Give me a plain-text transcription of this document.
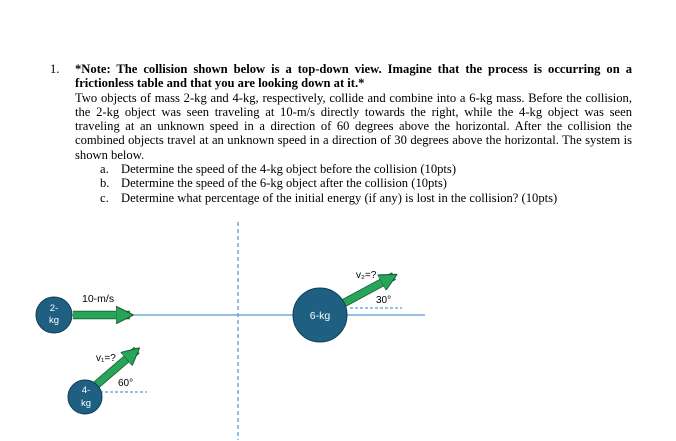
1. *Note: The collision shown below is a top-down view. Imagine that the process is occurring on a frictionless table and that you are looking down at it.*
Two objects of mass 2-kg and 4-kg, respectively, collide and combine into a 6-kg mass. Before the collision, the 2-kg object was seen traveling at 10-m/s directly towards the right, while the 4-kg object was seen traveling at an unknown speed in a direction of 60 degrees above the horizontal. After the collision the combined objects travel at an unknown speed in a direction of 30 degrees above the horizontal. The system is shown below.
a. Determine the speed of the 4-kg object before the collision (10pts)
b. Determine the speed of the 6-kg object after the collision (10pts)
c. Determine what percentage of the initial energy (if any) is lost in the collision? (10pts)
2-
kg
10-m/s
4-
kg
v₁=?
60°
6-kg
v₂=?
30°
